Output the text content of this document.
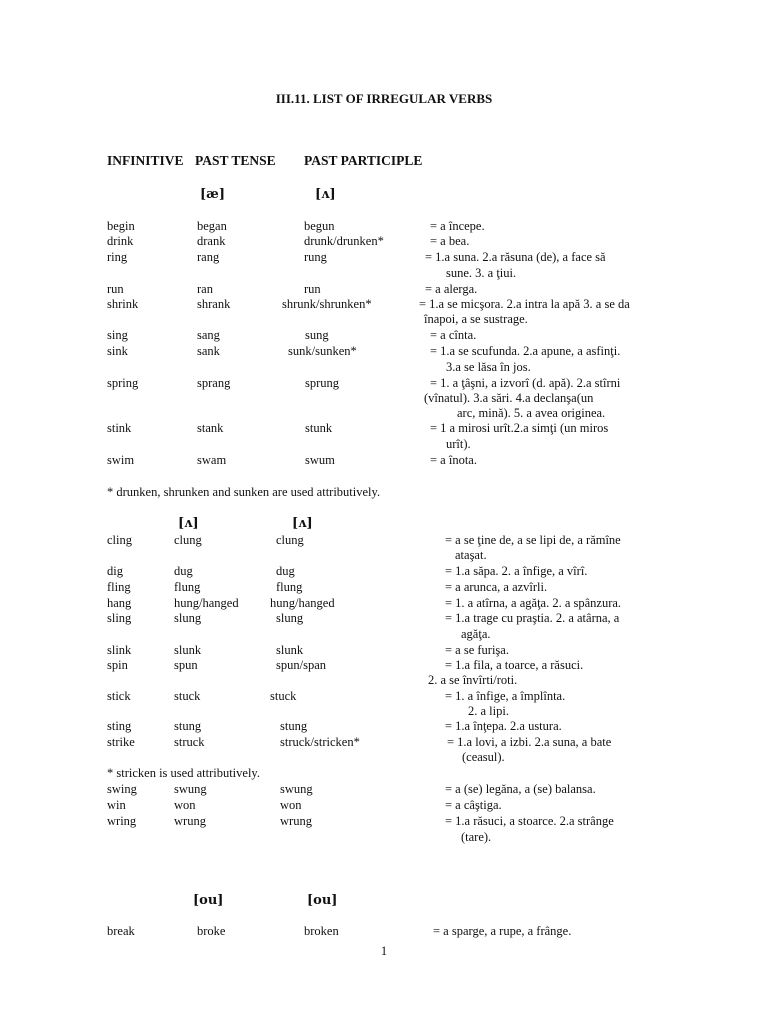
III.11. LIST OF IRREGULAR VERBS
INFINITIVE PAST TENSE PAST PARTICIPLE
[æ]	[ʌ]
begin	began	begun	= a începe.
drink	drank	drunk/drunken*	= a bea.
ring	rang	rung	= 1.a suna. 2.a răsuna (de), a face să
sune. 3. a ţiui.
run	ran	run	= a alerga.
shrink	shrank	shrunk/shrunken*	= 1.a se micşora. 2.a intra la apă 3. a se da
înapoi, a se sustrage.
sing	sang	sung	= a cînta.
sink	sank	sunk/sunken*	= 1.a se scufunda. 2.a apune, a asfinţi.
3.a se lăsa în jos.
spring	sprang	sprung	= 1. a ţâşni, a izvorî (d. apă). 2.a stîrni
(vînatul). 3.a sări. 4.a declanşa(un
arc, mină). 5. a avea originea.
stink	stank	stunk	= 1 a mirosi urît.2.a simţi (un miros
urît).
swim	swam	swum	= a înota.
* drunken, shrunken and sunken are used attributively.
[ʌ]	[ʌ]
cling	clung	clung	= a se ţine de, a se lipi de, a rămîne
ataşat.
dig	dug	dug	= 1.a săpa. 2. a înfige, a vîrî.
fling	flung	flung	= a arunca, a azvîrli.
hang	hung/hanged	hung/hanged	= 1. a atîrna, a agăţa. 2. a spânzura.
sling	slung	slung	= 1.a trage cu praştia. 2. a atârna, a
agăţa.
slink	slunk	slunk	= a se furişa.
spin	spun	spun/span	= 1.a fila, a toarce, a răsuci.
2. a se învîrti/roti.
stick	stuck	stuck	= 1. a înfige, a împlînta.
2. a lipi.
sting	stung	stung	= 1.a înţepa. 2.a ustura.
strike	struck	struck/stricken*	= 1.a lovi, a izbi. 2.a suna, a bate
(ceasul).
* stricken is used attributively.
swing	swung	swung	= a (se) legăna, a (se) balansa.
win	won	won	= a câştiga.
wring	wrung	wrung	= 1.a răsuci, a stoarce. 2.a strânge
(tare).
[ou]	[ou]
break	broke	broken	= a sparge, a rupe, a frânge.
1
